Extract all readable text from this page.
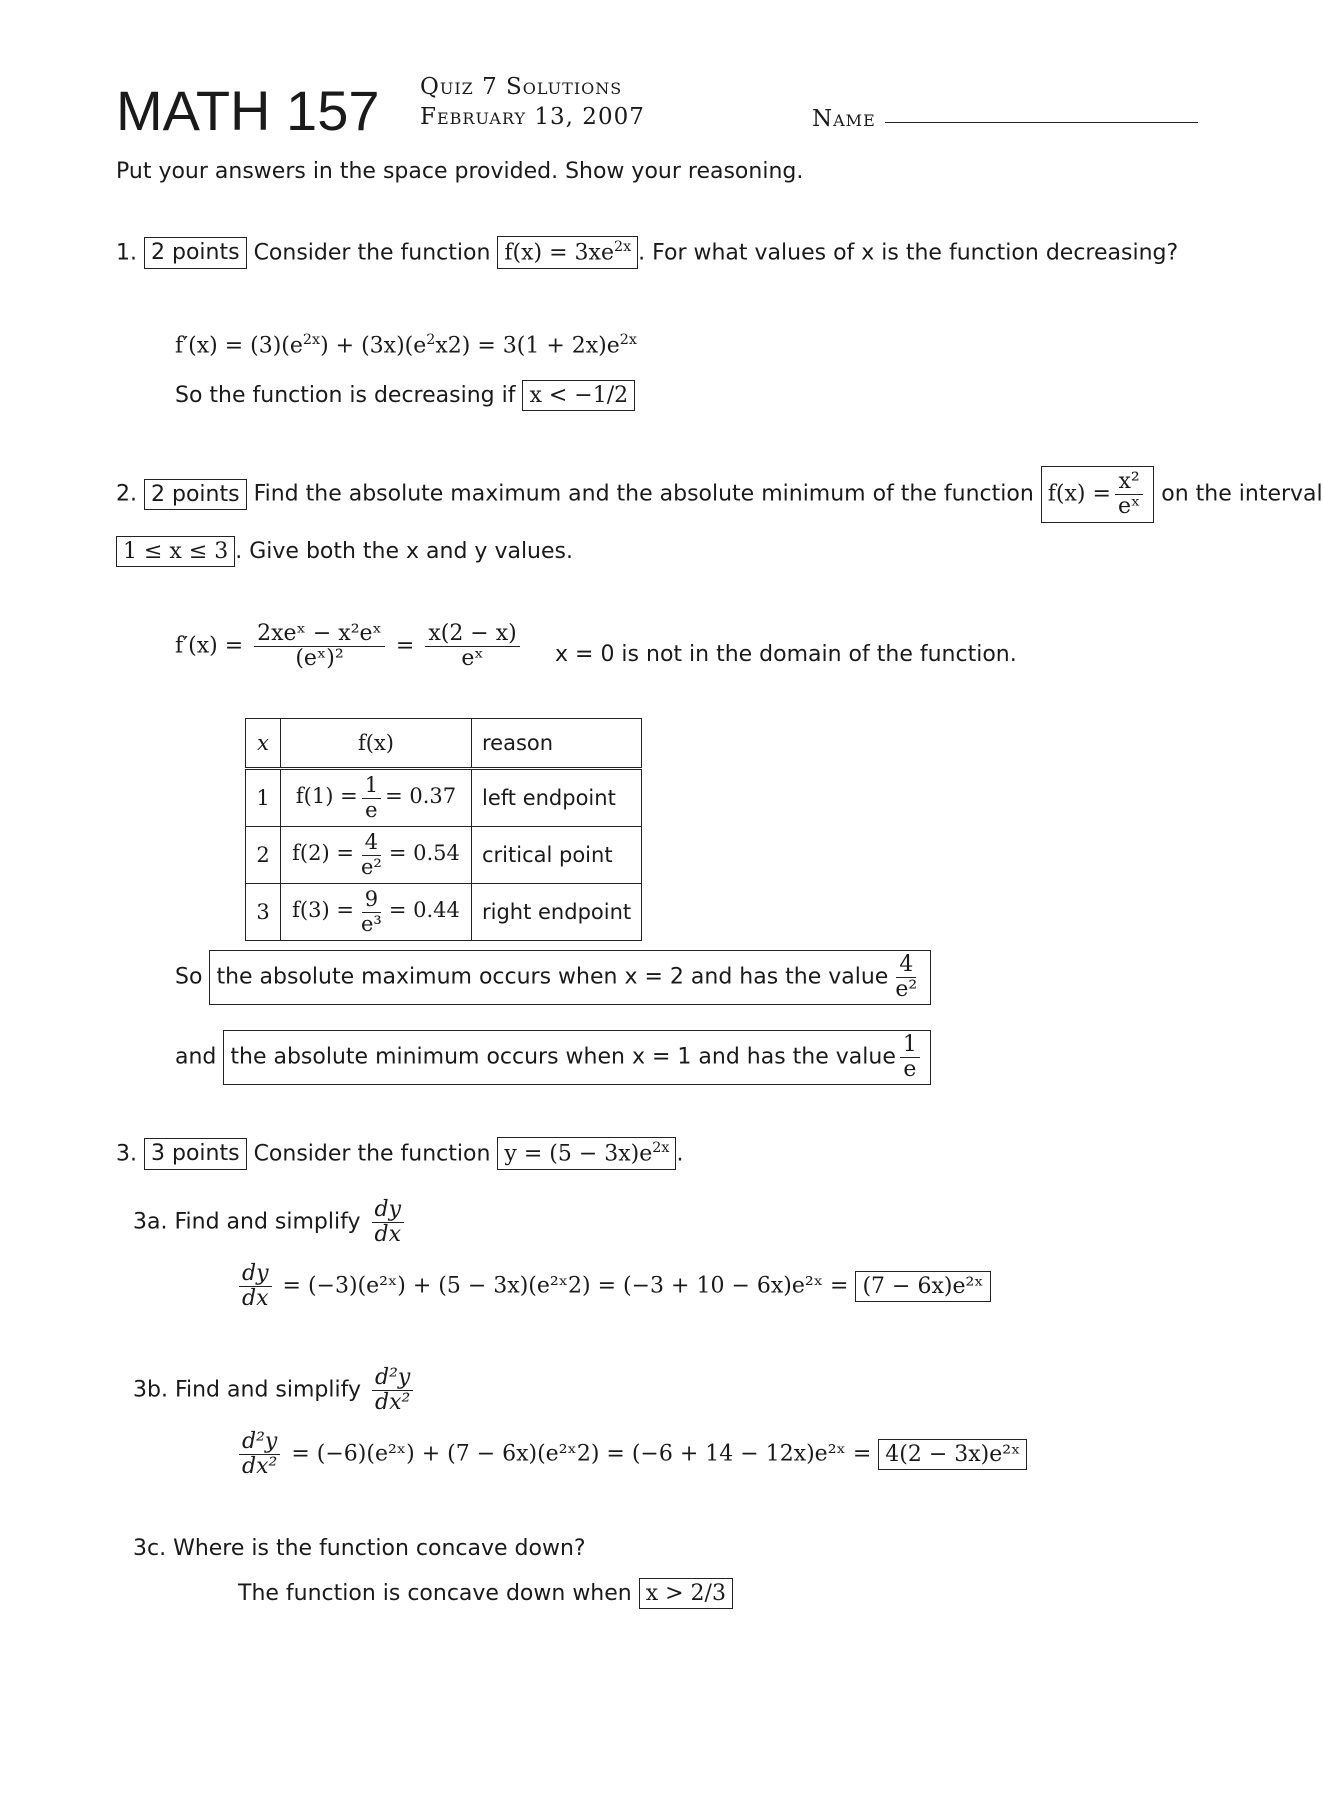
MATH 157 Quiz 7 Solutions
February 13, 2007	Name
Put your answers in the space provided. Show your reasoning.
1. 2 points Consider the function $f(x) = 3xe^{2x}$ . For what values of x is the function decreasing?
$f'(x) = (3)(e^{2x}) + (3x)(e^2x2) = 3(1 + 2x)e^{2x}$
So the function is decreasing if x < −1/2
2. 2 points Find the absolute maximum and the absolute minimum of the function $f(x) = \frac{\text{x²}}{\text{eˣ}}$ on the interval
1 ≤ x ≤ 3 . Give both the x and y values.
$f'(x) = \frac{\text{2xeˣ − x²eˣ}}{\text{(eˣ)²}} = \frac{x(2 - x)}{\text{eˣ}}$ x = 0 is not in the domain of the function.
x	f(x)	reason
1	$f(1) = \frac{1}{e} = 0.37$	left endpoint
2	$f(2) = \frac{4}{\text{e²}} = 0.54$	critical point
3	$f(3) = \frac{9}{\text{e³}} = 0.44$	right endpoint
So the absolute maximum occurs when x = 2 and has the value $\frac{4}{\text{e²}}$
and the absolute minimum occurs when x = 1 and has the value $\frac{1}{e}$
3. 3 points Consider the function $y = (5 - 3x)e^{2x}$ .
3a. Find and simplify $\frac{dy}{dx}$
$\frac{dy}{dx}$ = (−3)(e²ˣ) + (5 − 3x)(e²ˣ2) = (−3 + 10 − 6x)e²ˣ = (7 − 6x)e²ˣ
3b. Find and simplify $\frac{\text{d²y}}{\text{dx²}}$
$\frac{\text{d²y}}{\text{dx²}}$ = (−6)(e²ˣ) + (7 − 6x)(e²ˣ2) = (−6 + 14 − 12x)e²ˣ = 4(2 − 3x)e²ˣ
3c. Where is the function concave down?
The function is concave down when x > 2/3
